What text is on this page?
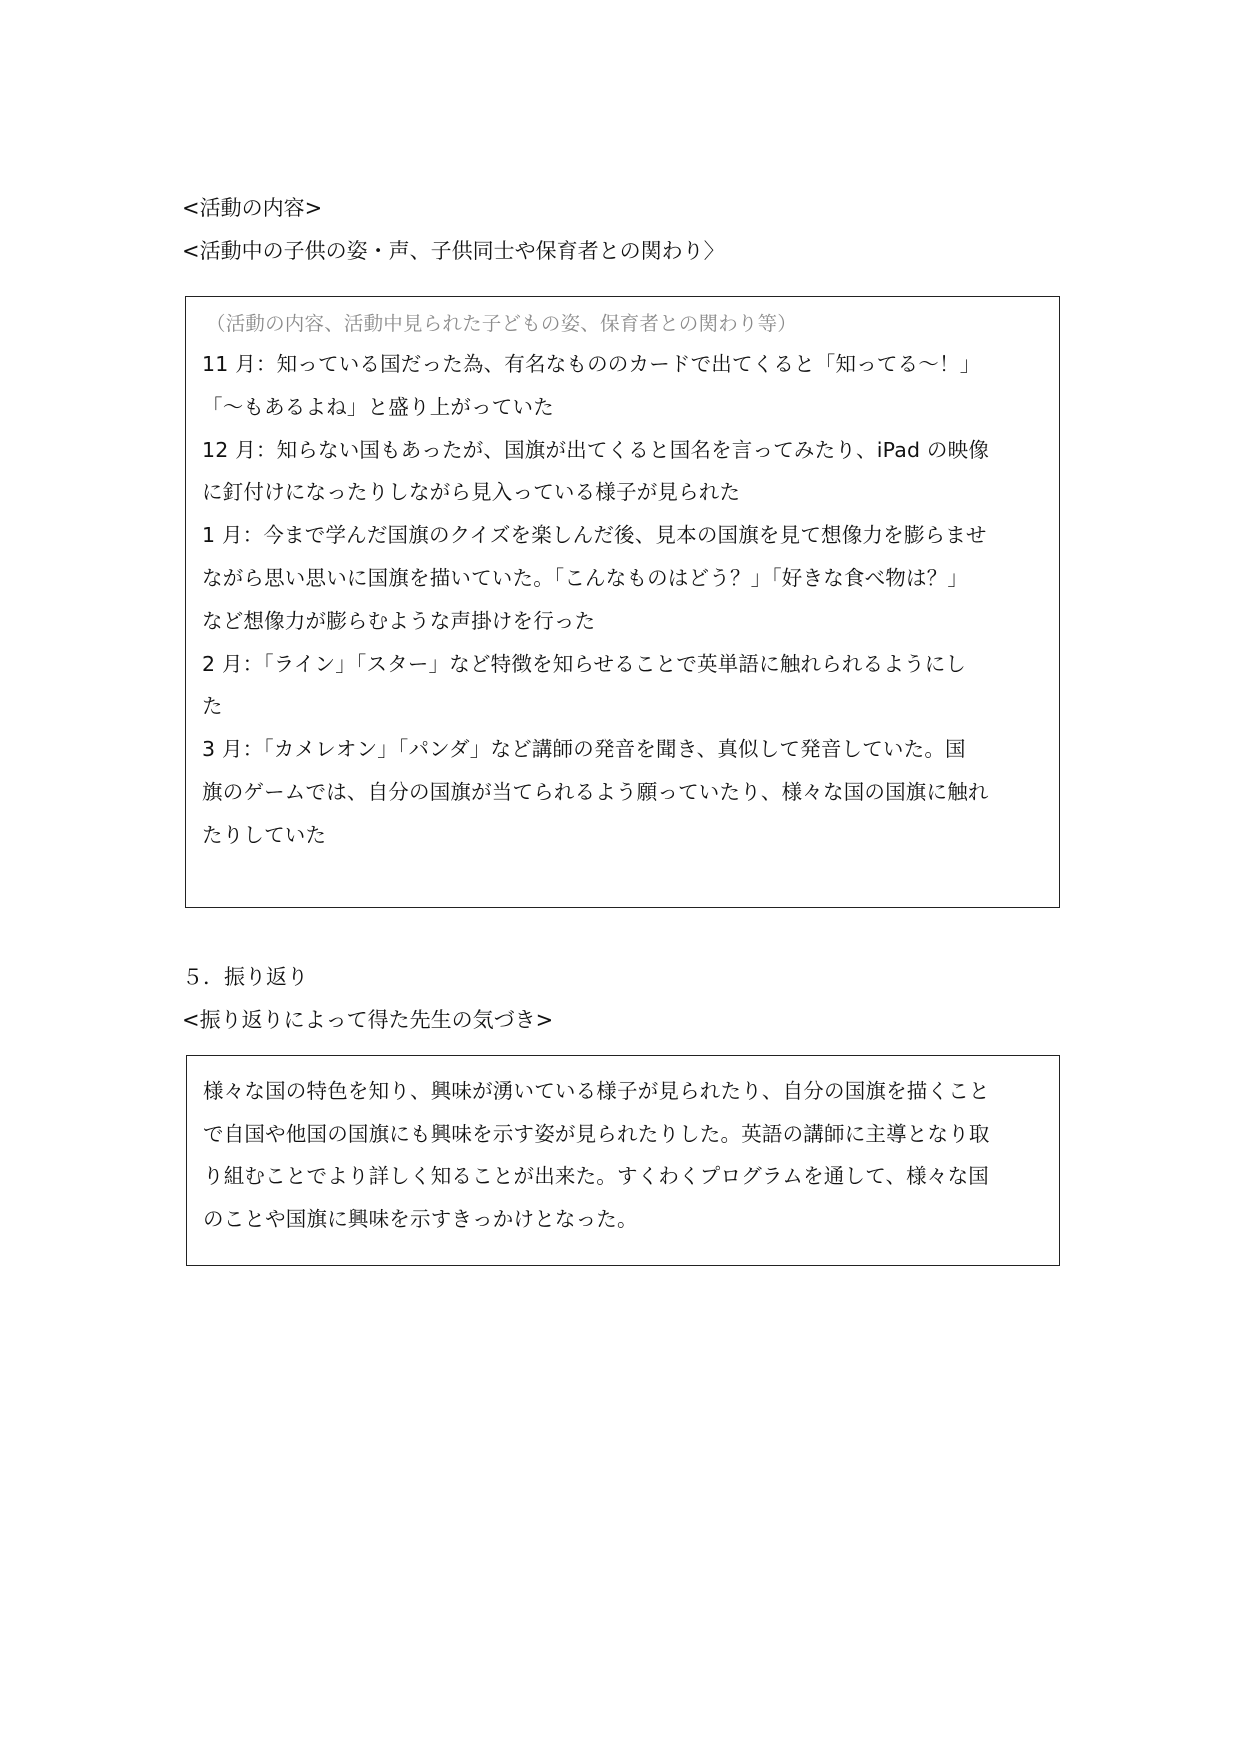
<活動の内容>
<活動中の子供の姿・声、子供同士や保育者との関わり〉
（活動の内容、活動中見られた子どもの姿、保育者との関わり等）
11 月：知っている国だった為、有名なもののカードで出てくると「知ってる～！」
「～もあるよね」と盛り上がっていた
12 月：知らない国もあったが、国旗が出てくると国名を言ってみたり、iPad の映像
に釘付けになったりしながら見入っている様子が見られた
1 月：今まで学んだ国旗のクイズを楽しんだ後、見本の国旗を見て想像力を膨らませ
ながら思い思いに国旗を描いていた。「こんなものはどう？」「好きな食べ物は？」
など想像力が膨らむような声掛けを行った
2 月：「ライン」「スター」など特徴を知らせることで英単語に触れられるようにし
た
3 月：「カメレオン」「パンダ」など講師の発音を聞き、真似して発音していた。国
旗のゲームでは、自分の国旗が当てられるよう願っていたり、様々な国の国旗に触れ
たりしていた
５．振り返り
<振り返りによって得た先生の気づき>
様々な国の特色を知り、興味が湧いている様子が見られたり、自分の国旗を描くこと
で自国や他国の国旗にも興味を示す姿が見られたりした。英語の講師に主導となり取
り組むことでより詳しく知ることが出来た。すくわくプログラムを通して、様々な国
のことや国旗に興味を示すきっかけとなった。
